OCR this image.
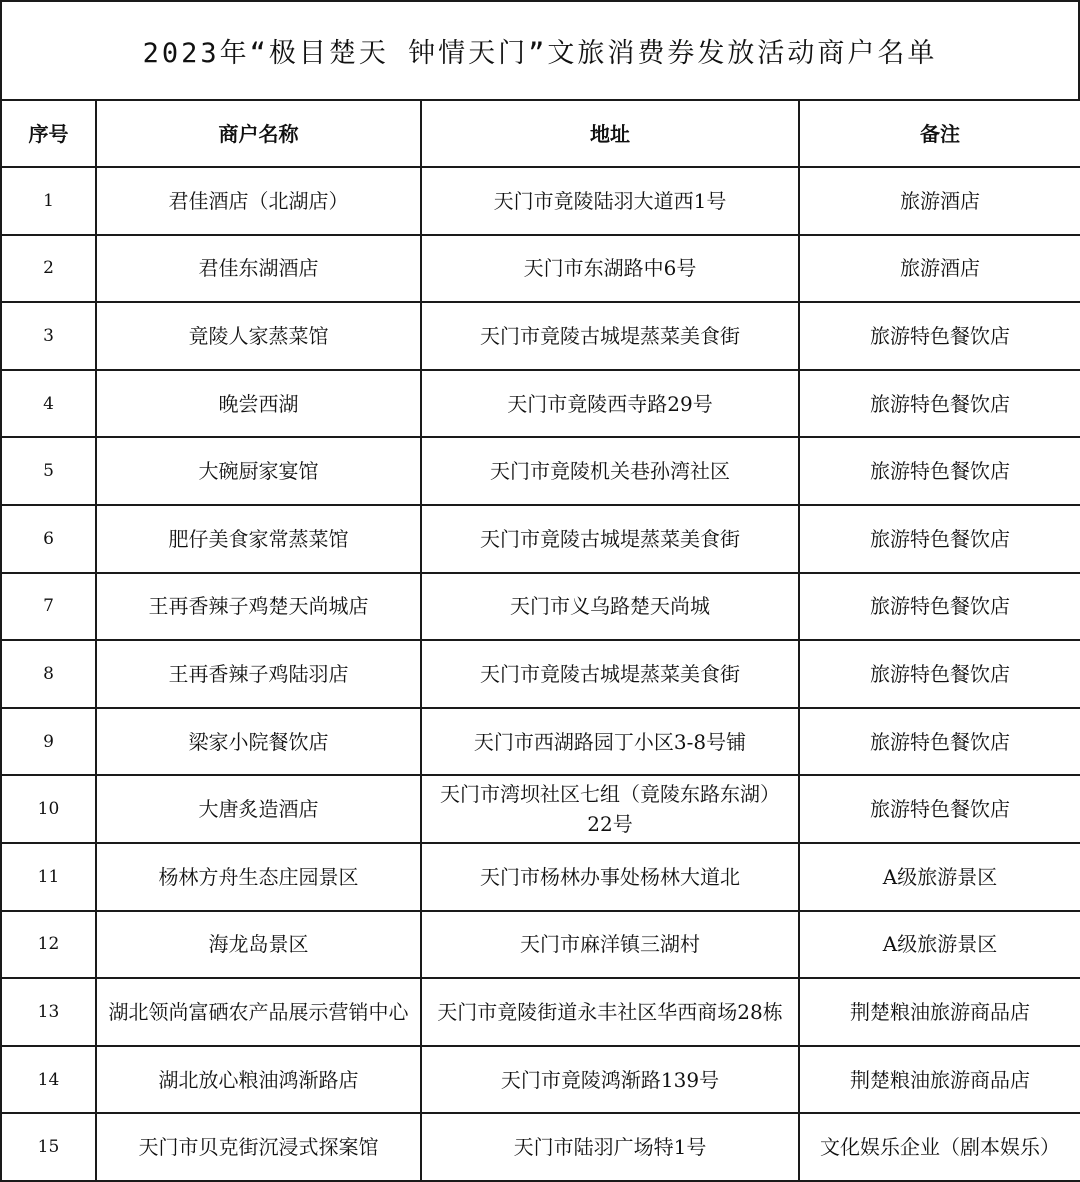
2023年“极目楚天 钟情天门”文旅消费券发放活动商户名单
序号	商户名称	地址	备注
1	君佳酒店（北湖店）	天门市竟陵陆羽大道西1号	旅游酒店
2	君佳东湖酒店	天门市东湖路中6号	旅游酒店
3	竟陵人家蒸菜馆	天门市竟陵古城堤蒸菜美食街	旅游特色餐饮店
4	晚尝西湖	天门市竟陵西寺路29号	旅游特色餐饮店
5	大碗厨家宴馆	天门市竟陵机关巷孙湾社区	旅游特色餐饮店
6	肥仔美食家常蒸菜馆	天门市竟陵古城堤蒸菜美食街	旅游特色餐饮店
7	王再香辣子鸡楚天尚城店	天门市义乌路楚天尚城	旅游特色餐饮店
8	王再香辣子鸡陆羽店	天门市竟陵古城堤蒸菜美食街	旅游特色餐饮店
9	梁家小院餐饮店	天门市西湖路园丁小区3-8号铺	旅游特色餐饮店
10	大唐炙造酒店	天门市湾坝社区七组（竟陵东路东湖）22号	旅游特色餐饮店
11	杨林方舟生态庄园景区	天门市杨林办事处杨林大道北	A级旅游景区
12	海龙岛景区	天门市麻洋镇三湖村	A级旅游景区
13	湖北领尚富硒农产品展示营销中心	天门市竟陵街道永丰社区华西商场28栋	荆楚粮油旅游商品店
14	湖北放心粮油鸿渐路店	天门市竟陵鸿渐路139号	荆楚粮油旅游商品店
15	天门市贝克街沉浸式探案馆	天门市陆羽广场特1号	文化娱乐企业（剧本娱乐）
